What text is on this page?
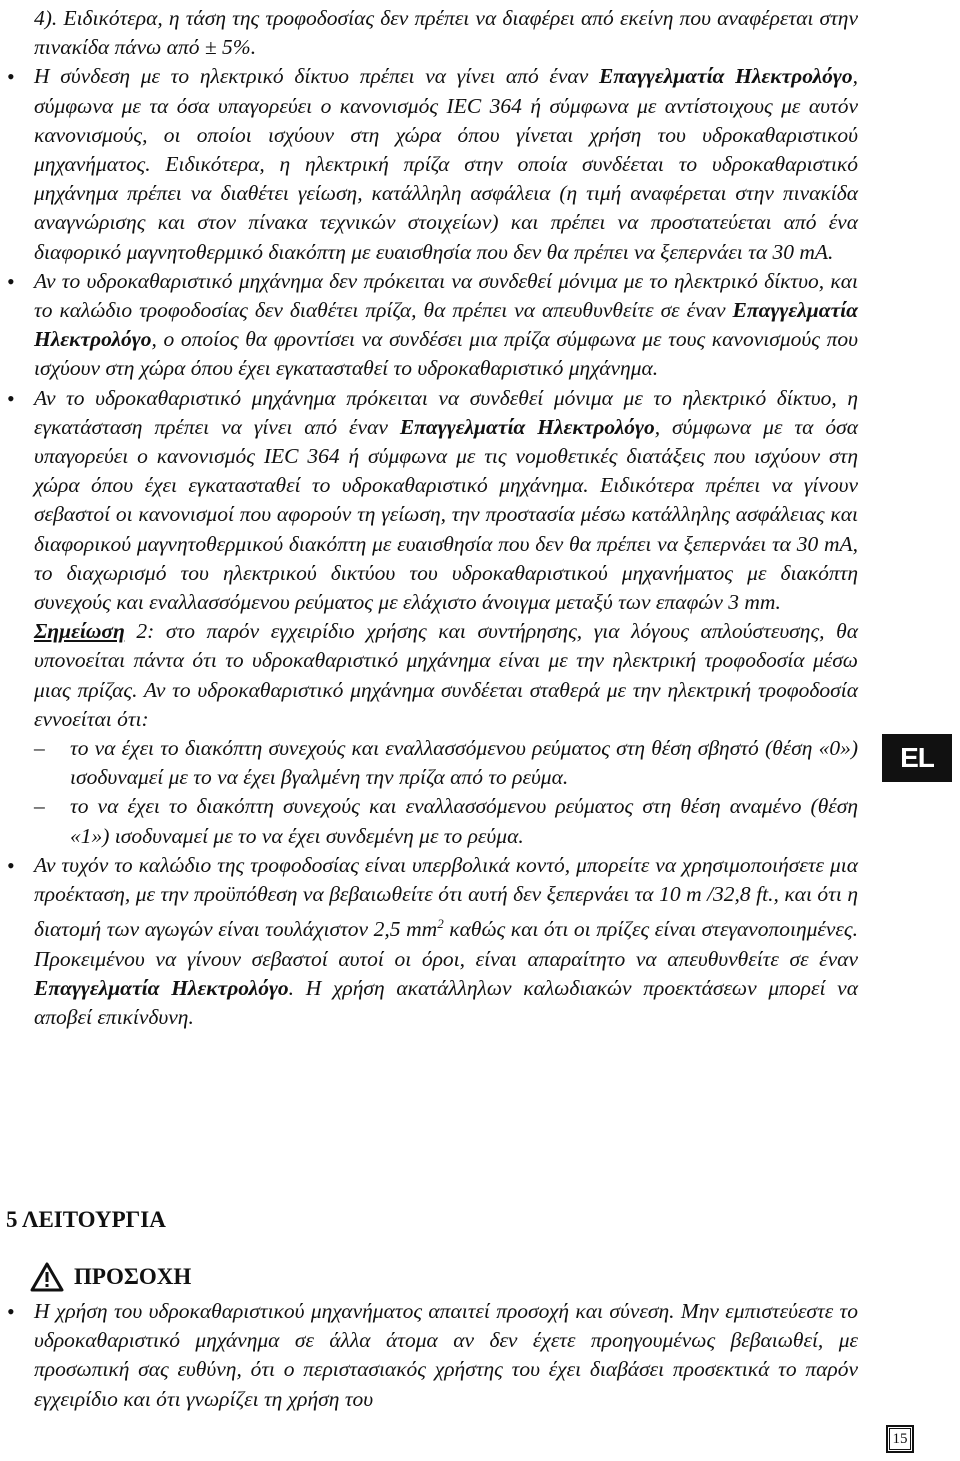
4). Ειδικότερα, η τάση της τροφοδοσίας δεν πρέπει να διαφέρει από εκείνη που αναφέρεται στην πινακίδα πάνω από ± 5%.

• Η σύνδεση με το ηλεκτρικό δίκτυο πρέπει να γίνει από έναν Επαγγελματία Ηλεκτρολόγο, σύμφωνα με τα όσα υπαγορεύει ο κανονισμός IEC 364 ή σύμφωνα με αντίστοιχους με αυτόν κανονισμούς, οι οποίοι ισχύουν στη χώρα όπου γίνεται χρήση του υδροκαθαριστικού μηχανήματος. Ειδικότερα, η ηλεκτρική πρίζα στην οποία συνδέεται το υδροκαθαριστικό μηχάνημα πρέπει να διαθέτει γείωση, κατάλληλη ασφάλεια (η τιμή αναφέρεται στην πινακίδα αναγνώρισης και στον πίνακα τεχνικών στοιχείων) και πρέπει να προστατεύεται από ένα διαφορικό μαγνητοθερμικό διακόπτη με ευαισθησία που δεν θα πρέπει να ξεπερνάει τα 30 mA.

• Αν το υδροκαθαριστικό μηχάνημα δεν πρόκειται να συνδεθεί μόνιμα με το ηλεκτρικό δίκτυο, και το καλώδιο τροφοδοσίας δεν διαθέτει πρίζα, θα πρέπει να απευθυνθείτε σε έναν Επαγγελματία Ηλεκτρολόγο, ο οποίος θα φροντίσει να συνδέσει μια πρίζα σύμφωνα με τους κανονισμούς που ισχύουν στη χώρα όπου έχει εγκατασταθεί το υδροκαθαριστικό μηχάνημα.

• Αν το υδροκαθαριστικό μηχάνημα πρόκειται να συνδεθεί μόνιμα με το ηλεκτρικό δίκτυο, η εγκατάσταση πρέπει να γίνει από έναν Επαγγελματία Ηλεκτρολόγο, σύμφωνα με τα όσα υπαγορεύει ο κανονισμός IEC 364 ή σύμφωνα με τις νομοθετικές διατάξεις που ισχύουν στη χώρα όπου έχει εγκατασταθεί το υδροκαθαριστικό μηχάνημα. Ειδικότερα πρέπει να γίνουν σεβαστοί οι κανονισμοί που αφορούν τη γείωση, την προστασία μέσω κατάλληλης ασφάλειας και διαφορικού μαγνητοθερμικού διακόπτη με ευαισθησία που δεν θα πρέπει να ξεπερνάει τα 30 mA, το διαχωρισμό του ηλεκτρικού δικτύου του υδροκαθαριστικού μηχανήματος με διακόπτη συνεχούς και εναλλασσόμενου ρεύματος με ελάχιστο άνοιγμα μεταξύ των επαφών 3 mm.

Σημείωση 2: στο παρόν εγχειρίδιο χρήσης και συντήρησης, για λόγους απλούστευσης, θα υπονοείται πάντα ότι το υδροκαθαριστικό μηχάνημα είναι με την ηλεκτρική τροφοδοσία μέσω μιας πρίζας. Αν το υδροκαθαριστικό μηχάνημα συνδέεται σταθερά με την ηλεκτρική τροφοδοσία εννοείται ότι:

– το να έχει το διακόπτη συνεχούς και εναλλασσόμενου ρεύματος στη θέση σβηστό (θέση «0») ισοδυναμεί με το να έχει βγαλμένη την πρίζα από το ρεύμα.

– το να έχει το διακόπτη συνεχούς και εναλλασσόμενου ρεύματος στη θέση αναμένο (θέση «1») ισοδυναμεί με το να έχει συνδεμένη με το ρεύμα.

• Αν τυχόν το καλώδιο της τροφοδοσίας είναι υπερβολικά κοντό, μπορείτε να χρησιμοποιήσετε μια προέκταση, με την προϋπόθεση να βεβαιωθείτε ότι αυτή δεν ξεπερνάει τα 10 m /32,8 ft., και ότι η διατομή των αγωγών είναι τουλάχιστον 2,5 $mm^2$ καθώς και ότι οι πρίζες είναι στεγανοποιημένες. Προκειμένου να γίνουν σεβαστοί αυτοί οι όροι, είναι απαραίτητο να απευθυνθείτε σε έναν Επαγγελματία Ηλεκτρολόγο. Η χρήση ακατάλληλων καλωδιακών προεκτάσεων μπορεί να αποβεί επικίνδυνη.

5 ΛΕΙΤΟΥΡΓΙΑ
ΠΡΟΣΟΧΗ

• Η χρήση του υδροκαθαριστικού μηχανήματος απαιτεί προσοχή και σύνεση. Μην εμπιστεύεστε το υδροκαθαριστικό μηχάνημα σε άλλα άτομα αν δεν έχετε προηγουμένως βεβαιωθεί, με προσωπική σας ευθύνη, ότι ο περιστασιακός χρήστης του έχει διαβάσει προσεκτικά το παρόν εγχειρίδιο και ότι γνωρίζει τη χρήση του

EL
15
